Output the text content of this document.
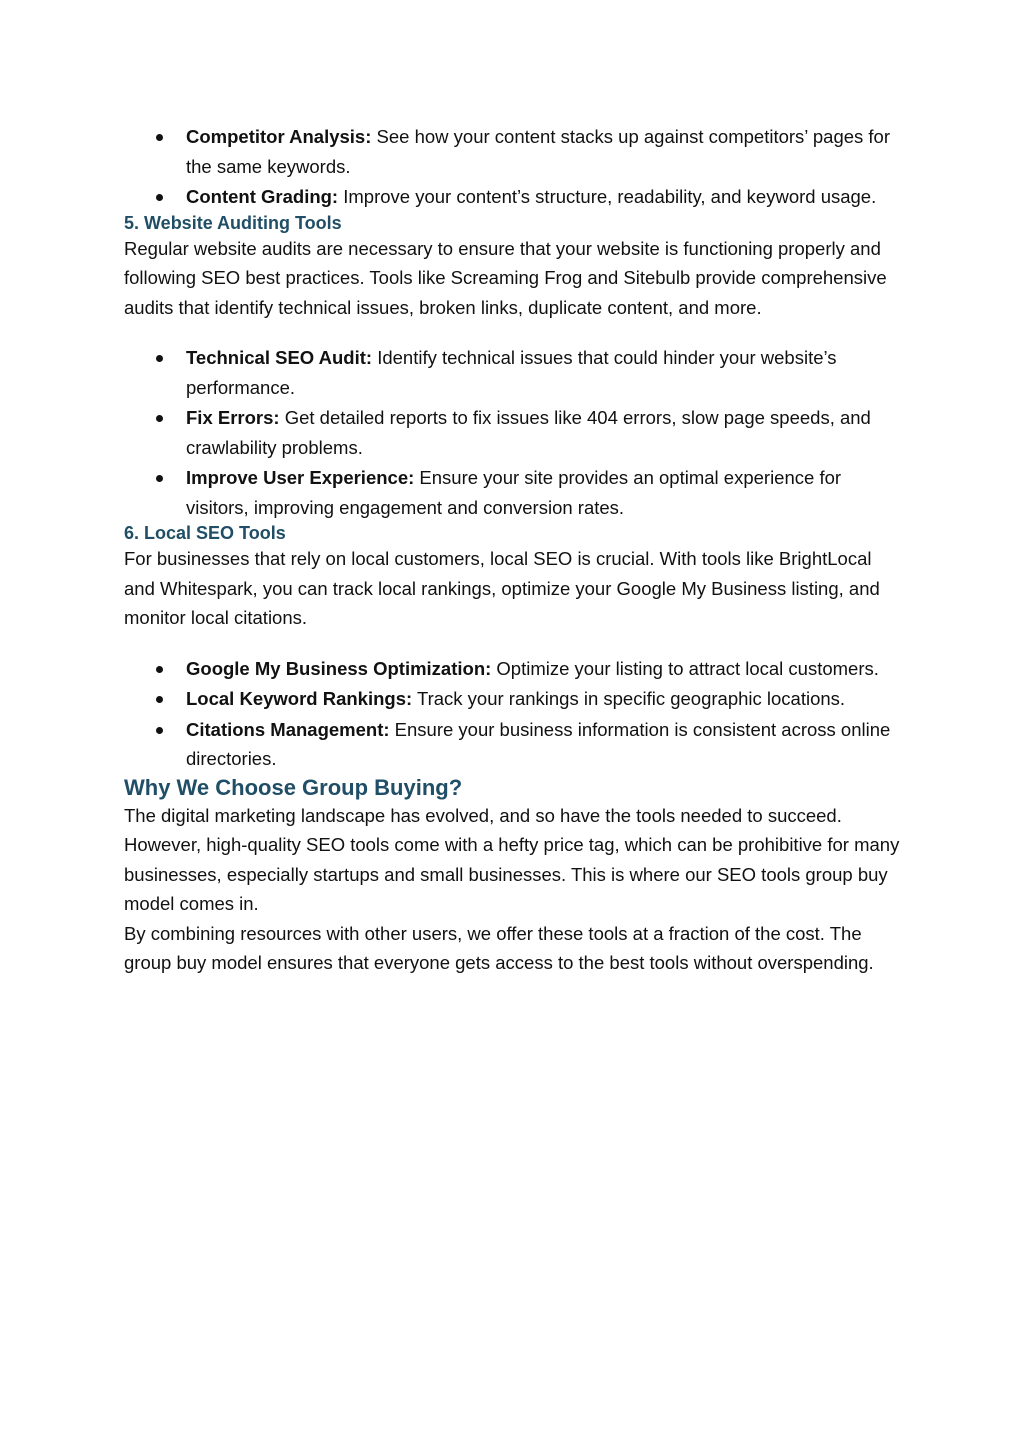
Competitor Analysis: See how your content stacks up against competitors’ pages for the same keywords.
Content Grading: Improve your content’s structure, readability, and keyword usage.
5. Website Auditing Tools

Regular website audits are necessary to ensure that your website is functioning properly and following SEO best practices. Tools like Screaming Frog and Sitebulb provide comprehensive audits that identify technical issues, broken links, duplicate content, and more.

Technical SEO Audit: Identify technical issues that could hinder your website’s performance.
Fix Errors: Get detailed reports to fix issues like 404 errors, slow page speeds, and crawlability problems.
Improve User Experience: Ensure your site provides an optimal experience for visitors, improving engagement and conversion rates.
6. Local SEO Tools

For businesses that rely on local customers, local SEO is crucial. With tools like BrightLocal and Whitespark, you can track local rankings, optimize your Google My Business listing, and monitor local citations.

Google My Business Optimization: Optimize your listing to attract local customers.
Local Keyword Rankings: Track your rankings in specific geographic locations.
Citations Management: Ensure your business information is consistent across online directories.
Why We Choose Group Buying?

The digital marketing landscape has evolved, and so have the tools needed to succeed. However, high-quality SEO tools come with a hefty price tag, which can be prohibitive for many businesses, especially startups and small businesses. This is where our SEO tools group buy model comes in.

By combining resources with other users, we offer these tools at a fraction of the cost. The group buy model ensures that everyone gets access to the best tools without overspending.
